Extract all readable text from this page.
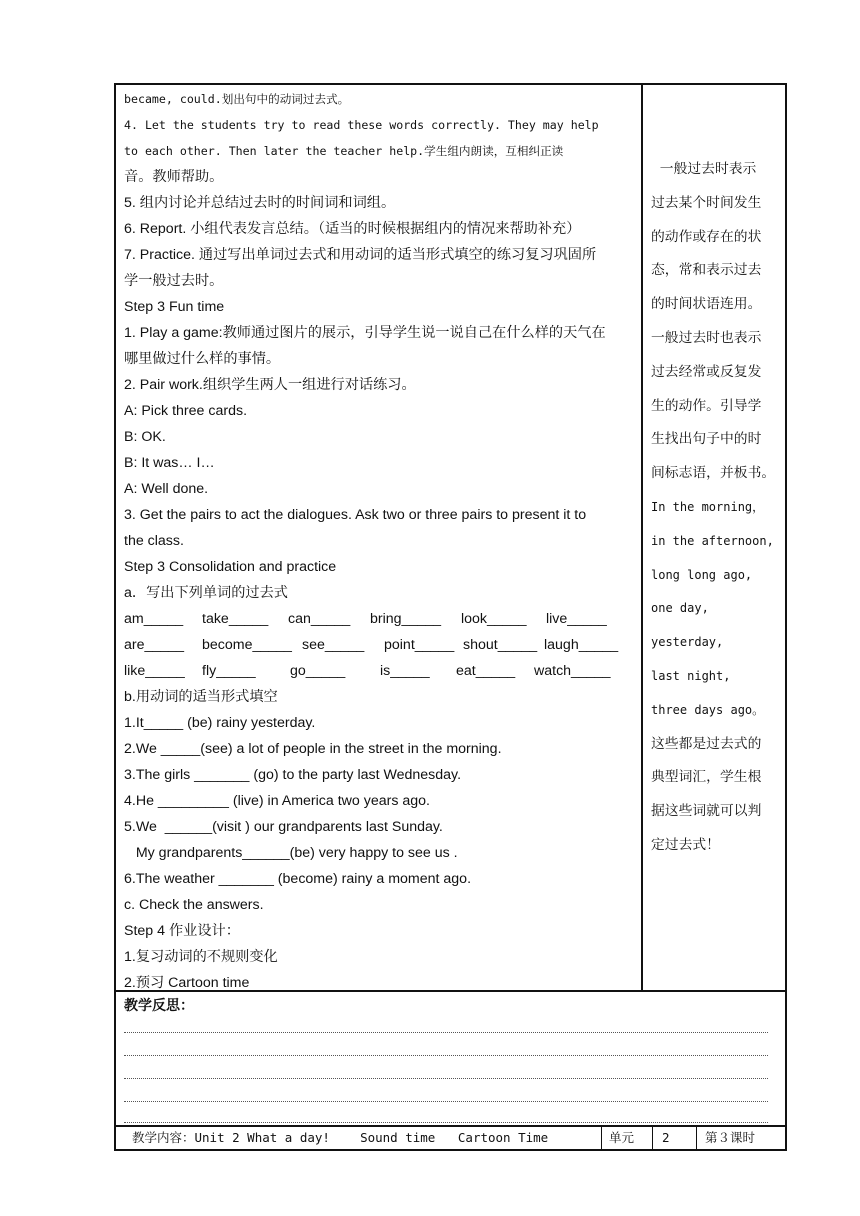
became, could.划出句中的动词过去式。
4. Let the students try to read these words correctly. They may help
to each other. Then later the teacher help.学生组内朗读，互相纠正读
音。教师帮助。
5. 组内讨论并总结过去时的时间词和词组。
6. Report. 小组代表发言总结。（适当的时候根据组内的情况来帮助补充）
7. Practice. 通过写出单词过去式和用动词的适当形式填空的练习复习巩固所
学一般过去时。
Step 3 Fun time
1. Play a game:教师通过图片的展示，引导学生说一说自己在什么样的天气在
哪里做过什么样的事情。
2. Pair work.组织学生两人一组进行对话练习。
A: Pick three cards.
B: OK.
B: It was… I…
A: Well done.
3. Get the pairs to act the dialogues. Ask two or three pairs to present it to
the class.
Step 3 Consolidation and practice
a．写出下列单词的过去式
am_____ take_____ can_____ bring_____ look_____ live_____
are_____ become_____ see_____ point_____ shout_____ laugh_____
like_____ fly_____ go_____ is_____ eat_____ watch_____
b.用动词的适当形式填空
1.It_____ (be) rainy yesterday.
2.We _____(see) a lot of people in the street in the morning.
3.The girls _______ (go) to the party last Wednesday.
4.He _________ (live) in America two years ago.
5.We  ______(visit ) our grandparents last Sunday.
My grandparents______(be) very happy to see us .
6.The weather _______ (become) rainy a moment ago.
c. Check the answers.
Step 4 作业设计：
1.复习动词的不规则变化
2.预习 Cartoon time
一般过去时表示
过去某个时间发生
的动作或存在的状
态，常和表示过去
的时间状语连用。
一般过去时也表示
过去经常或反复发
生的动作。引导学
生找出句子中的时
间标志语，并板书。
In the morning，
in the afternoon,
long long ago,
one day,
yesterday,
last night,
three days ago。
这些都是过去式的
典型词汇，学生根
据这些词就可以判
定过去式！
教学反思：
教学内容：Unit 2 What a day!    Sound time   Cartoon Time	单元 2	第３课时
